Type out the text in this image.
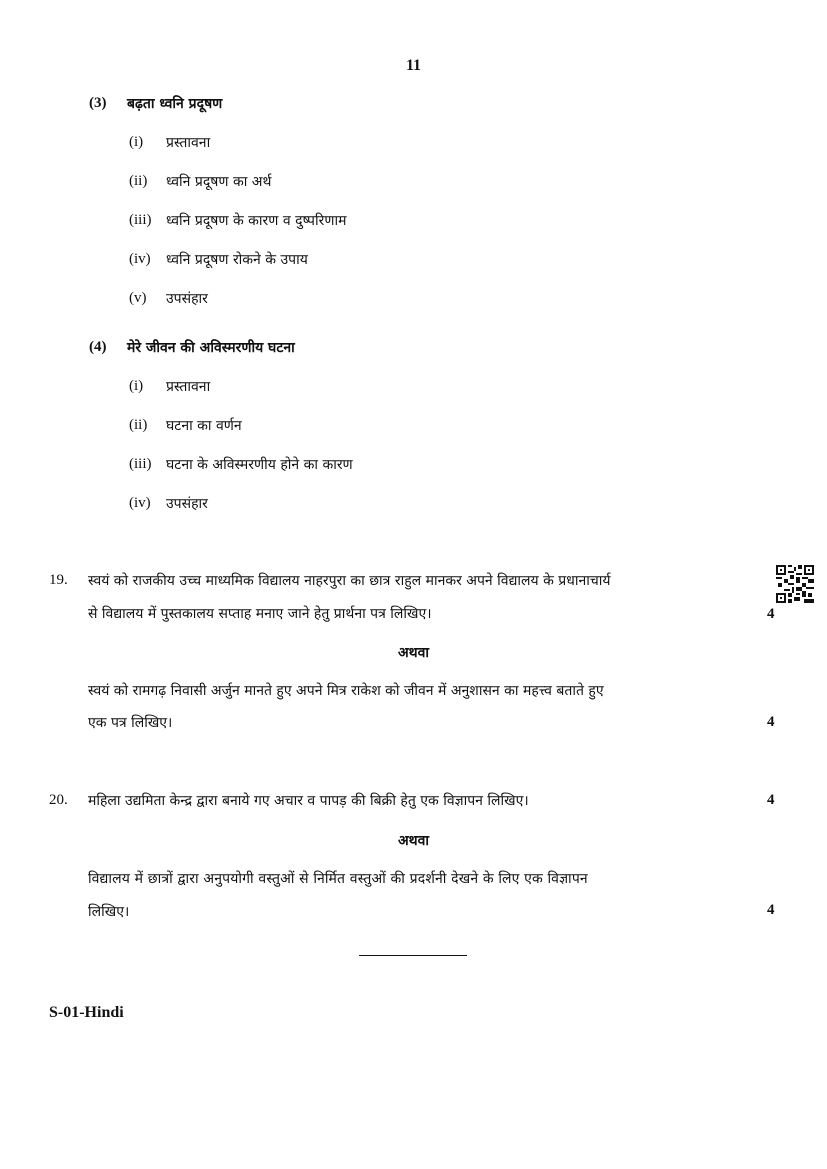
11
(3) बढ़ता ध्वनि प्रदूषण
(i) प्रस्तावना
(ii) ध्वनि प्रदूषण का अर्थ
(iii) ध्वनि प्रदूषण के कारण व दुष्परिणाम
(iv) ध्वनि प्रदूषण रोकने के उपाय
(v) उपसंहार
(4) मेरे जीवन की अविस्मरणीय घटना
(i) प्रस्तावना
(ii) घटना का वर्णन
(iii) घटना के अविस्मरणीय होने का कारण
(iv) उपसंहार
19. स्वयं को राजकीय उच्च माध्यमिक विद्यालय नाहरपुरा का छात्र राहुल मानकर अपने विद्यालय के प्रधानाचार्य
से विद्यालय में पुस्तकालय सप्ताह मनाए जाने हेतु प्रार्थना पत्र लिखिए।	4
अथवा
स्वयं को रामगढ़ निवासी अर्जुन मानते हुए अपने मित्र राकेश को जीवन में अनुशासन का महत्त्व बताते हुए
एक पत्र लिखिए।	4
20. महिला उद्यमिता केन्द्र द्वारा बनाये गए अचार व पापड़ की बिक्री हेतु एक विज्ञापन लिखिए।	4
अथवा
विद्यालय में छात्रों द्वारा अनुपयोगी वस्तुओं से निर्मित वस्तुओं की प्रदर्शनी देखने के लिए एक विज्ञापन
लिखिए।	4
S-01-Hindi
